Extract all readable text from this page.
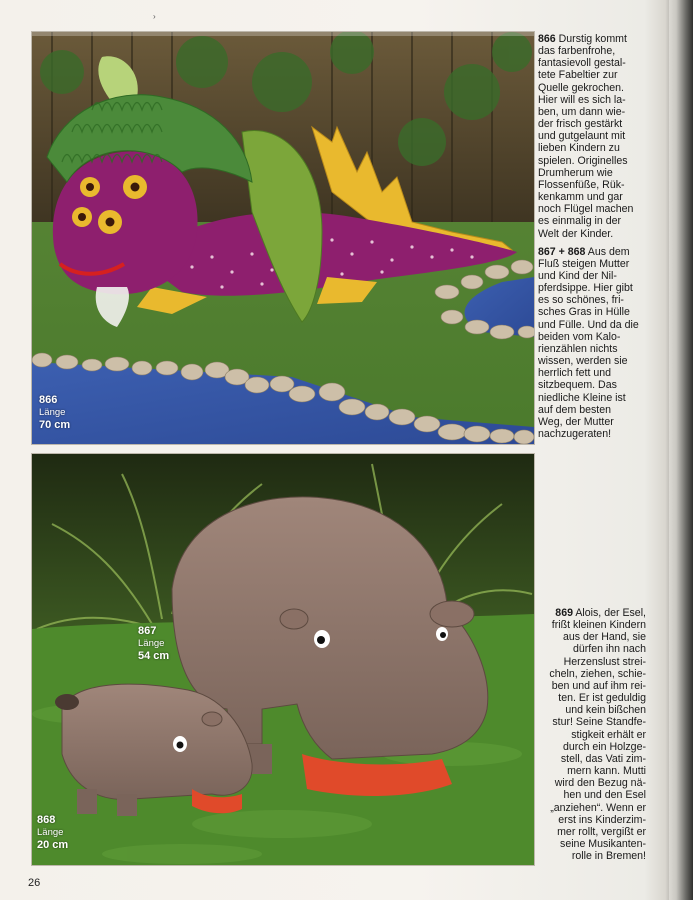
›
866
Länge
70 cm
867
Länge
54 cm
868
Länge
20 cm

866 Durstig kommt
das farbenfrohe,
fantasievoll gestal-
tete Fabeltier zur
Quelle gekrochen.
Hier will es sich la-
ben, um dann wie-
der frisch gestärkt
und gutgelaunt mit
lieben Kindern zu
spielen. Originelles
Drumherum wie
Flossenfüße, Rük-
kenkamm und gar
noch Flügel machen
es einmalig in der
Welt der Kinder.

867 + 868 Aus dem
Fluß steigen Mutter
und Kind der Nil-
pferdsippe. Hier gibt
es so schönes, fri-
sches Gras in Hülle
und Fülle. Und da die
beiden vom Kalo-
rienzählen nichts
wissen, werden sie
herrlich fett und
sitzbequem. Das
niedliche Kleine ist
auf dem besten
Weg, der Mutter
nachzugeraten!

869 Alois, der Esel,
frißt kleinen Kindern
aus der Hand, sie
dürfen ihn nach
Herzenslust strei-
cheln, ziehen, schie-
ben und auf ihm rei-
ten. Er ist geduldig
und kein bißchen
stur! Seine Standfe-
stigkeit erhält er
durch ein Holzge-
stell, das Vati zim-
mern kann. Mutti
wird den Bezug nä-
hen und den Esel
„anziehen“. Wenn er
erst ins Kinderzim-
mer rollt, vergißt er
seine Musikanten-
rolle in Bremen!

26
